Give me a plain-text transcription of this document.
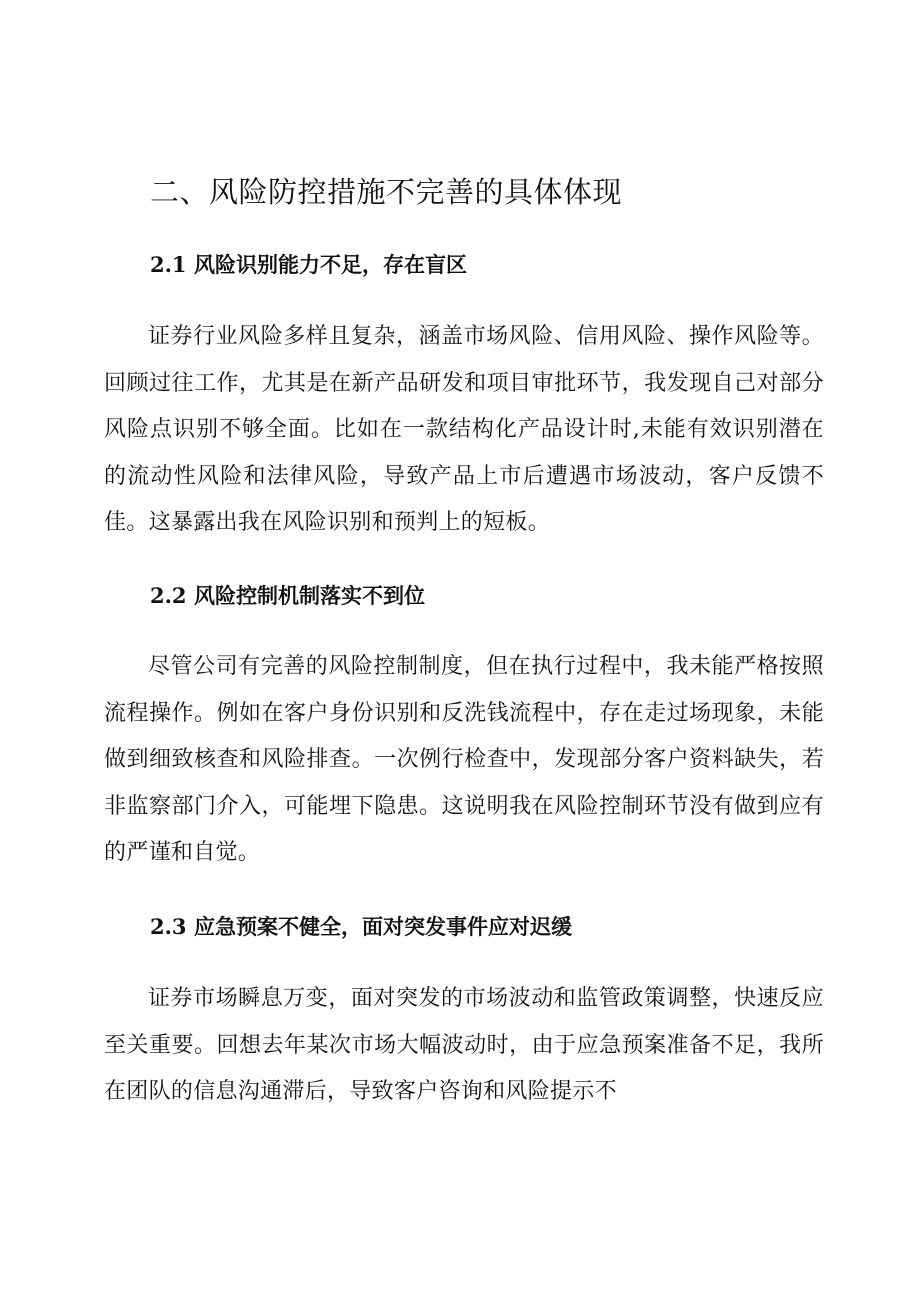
二、风险防控措施不完善的具体体现
2.1 风险识别能力不足，存在盲区
证券行业风险多样且复杂，涵盖市场风险、信用风险、操作风险等。回顾过往工作，尤其是在新产品研发和项目审批环节，我发现自己对部分风险点识别不够全面。比如在一款结构化产品设计时,未能有效识别潜在的流动性风险和法律风险，导致产品上市后遭遇市场波动，客户反馈不佳。这暴露出我在风险识别和预判上的短板。
2.2 风险控制机制落实不到位
尽管公司有完善的风险控制制度，但在执行过程中，我未能严格按照流程操作。例如在客户身份识别和反洗钱流程中，存在走过场现象，未能做到细致核查和风险排查。一次例行检查中，发现部分客户资料缺失，若非监察部门介入，可能埋下隐患。这说明我在风险控制环节没有做到应有的严谨和自觉。
2.3 应急预案不健全，面对突发事件应对迟缓
证券市场瞬息万变，面对突发的市场波动和监管政策调整，快速反应至关重要。回想去年某次市场大幅波动时，由于应急预案准备不足，我所在团队的信息沟通滞后，导致客户咨询和风险提示不
